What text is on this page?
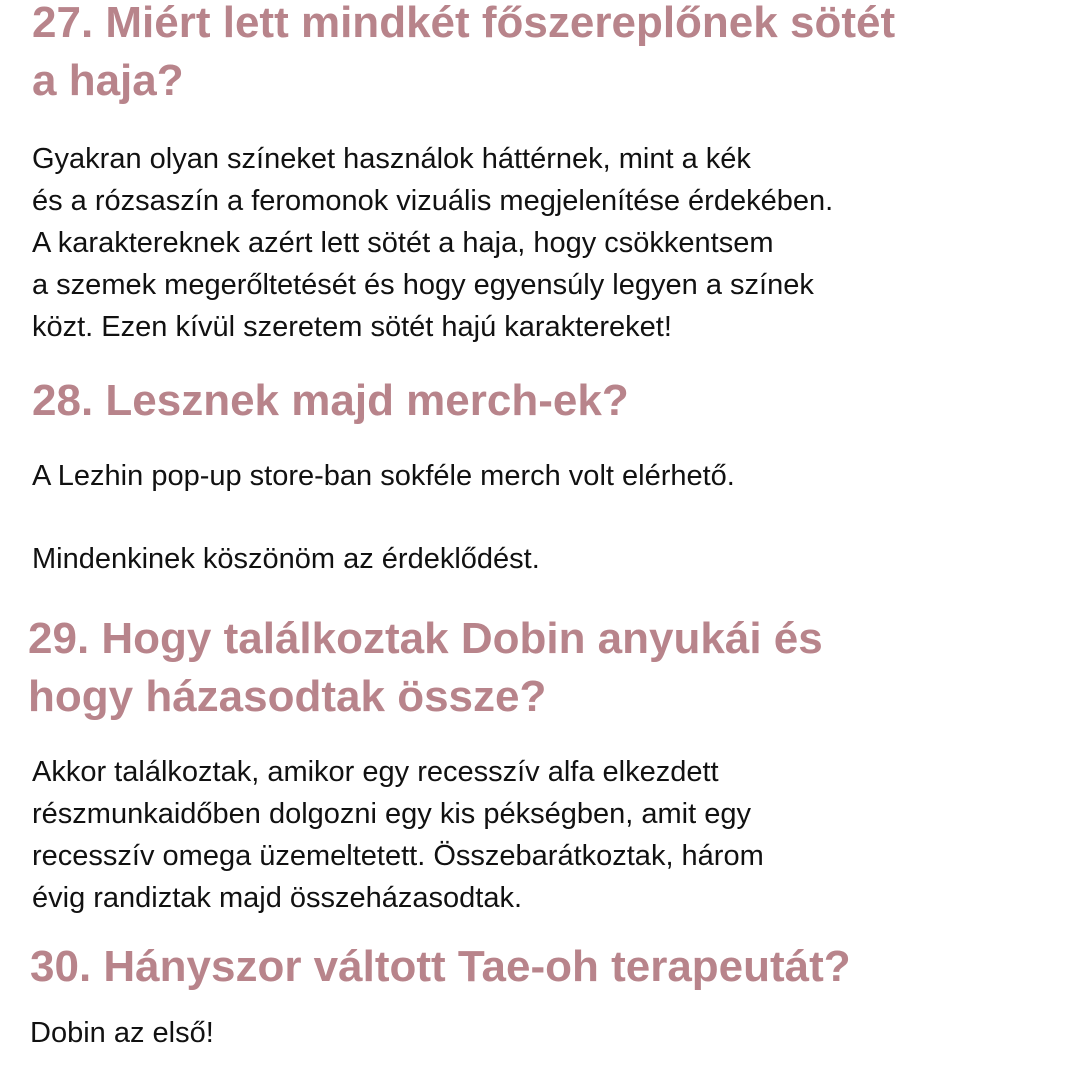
27. Miért lett mindkét főszereplőnek sötét
a haja?

Gyakran olyan színeket használok háttérnek, mint a kék
és a rózsaszín a feromonok vizuális megjelenítése érdekében.
A karaktereknek azért lett sötét a haja, hogy csökkentsem
a szemek megerőltetését és hogy egyensúly legyen a színek
közt. Ezen kívül szeretem sötét hajú karaktereket!

28. Lesznek majd merch-ek?

A Lezhin pop-up store-ban sokféle merch volt elérhető.

Mindenkinek köszönöm az érdeklődést.

29. Hogy találkoztak Dobin anyukái és
hogy házasodtak össze?

Akkor találkoztak, amikor egy recesszív alfa elkezdett
részmunkaidőben dolgozni egy kis pékségben, amit egy
recesszív omega üzemeltetett. Összebarátkoztak, három
évig randiztak majd összeházasodtak.

30. Hányszor váltott Tae-oh terapeutát?

Dobin az első!
